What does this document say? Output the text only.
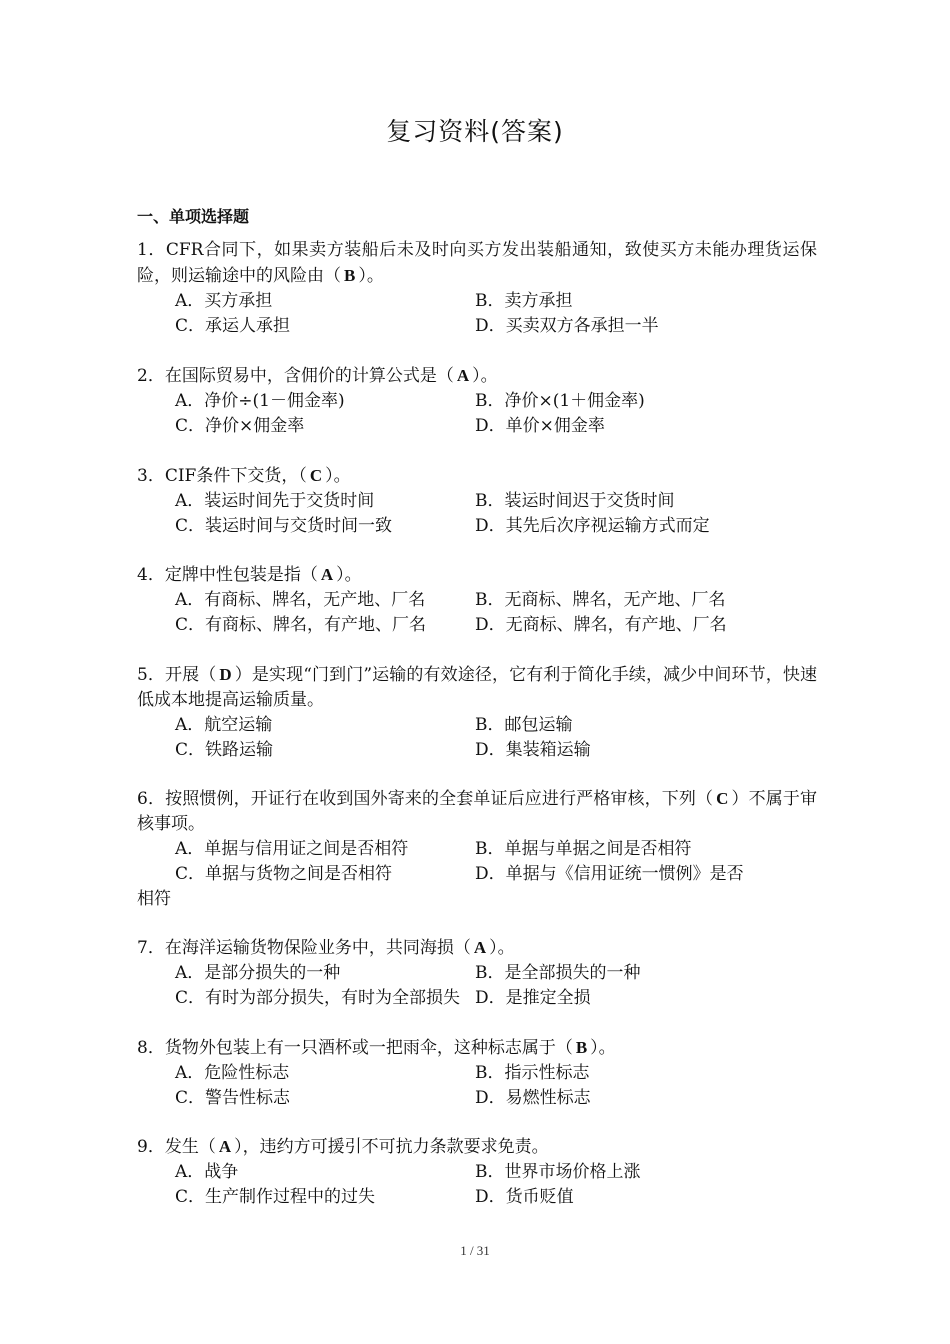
复习资料(答案)
一、单项选择题
1．CFR合同下，如果卖方装船后未及时向买方发出装船通知，致使买方未能办理货运保险，则运输途中的风险由（ B ）。
A．买方承担	B．卖方承担
C．承运人承担	D．买卖双方各承担一半
2．在国际贸易中，含佣价的计算公式是（ A ）。
A．净价÷(1－佣金率)	B．净价×(1＋佣金率)
C．净价×佣金率	D．单价×佣金率
3．CIF条件下交货，（ C ）。
A．装运时间先于交货时间	B．装运时间迟于交货时间
C．装运时间与交货时间一致	D．其先后次序视运输方式而定
4．定牌中性包装是指（ A ）。
A．有商标、牌名，无产地、厂名	B．无商标、牌名，无产地、厂名
C．有商标、牌名，有产地、厂名	D．无商标、牌名，有产地、厂名
5．开展（ D ）是实现“门到门”运输的有效途径，它有利于简化手续，减少中间环节，快速低成本地提高运输质量。
A．航空运输	B．邮包运输
C．铁路运输	D．集装箱运输
6．按照惯例，开证行在收到国外寄来的全套单证后应进行严格审核，下列（ C ）不属于审核事项。
A．单据与信用证之间是否相符	B．单据与单据之间是否相符
C．单据与货物之间是否相符	D．单据与《信用证统一惯例》是否
相符
7．在海洋运输货物保险业务中，共同海损（ A ）。
A．是部分损失的一种	B．是全部损失的一种
C．有时为部分损失，有时为全部损失 D．是推定全损
8．货物外包装上有一只酒杯或一把雨伞，这种标志属于（ B ）。
A．危险性标志	B．指示性标志
C．警告性标志	D．易燃性标志
9．发生（ A ），违约方可援引不可抗力条款要求免责。
A．战争	B．世界市场价格上涨
C．生产制作过程中的过失	D．货币贬值
1 / 31
